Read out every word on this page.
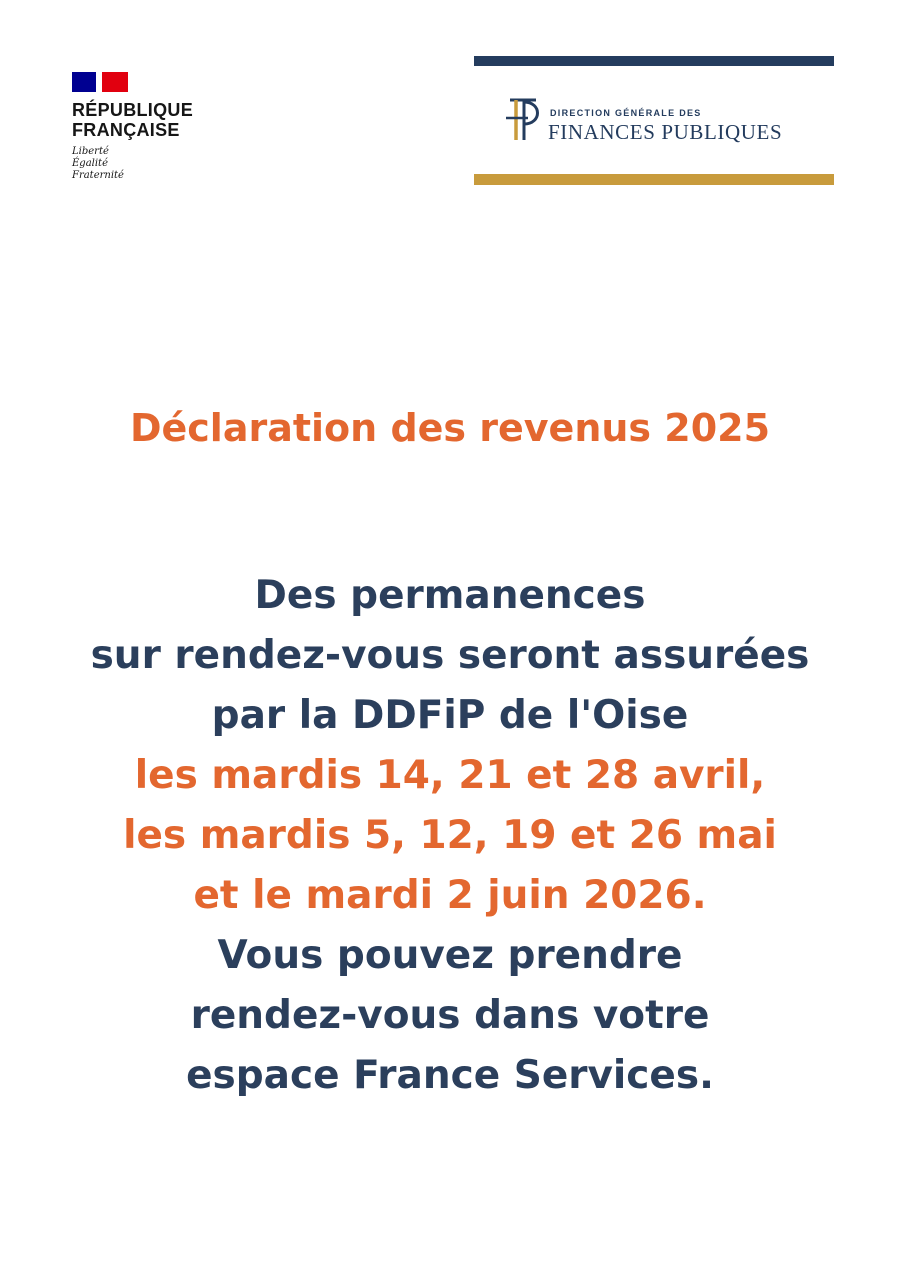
RÉPUBLIQUE
FRANÇAISE
Liberté
Égalité
Fraternité
DIRECTION GÉNÉRALE DES
FINANCES PUBLIQUES
Déclaration des revenus 2025
Des permanences
sur rendez-vous seront assurées
par la DDFiP de l'Oise
les mardis 14, 21 et 28 avril,
les mardis 5, 12, 19 et 26 mai
et le mardi 2 juin 2026.
Vous pouvez prendre
rendez-vous dans votre
espace France Services.
